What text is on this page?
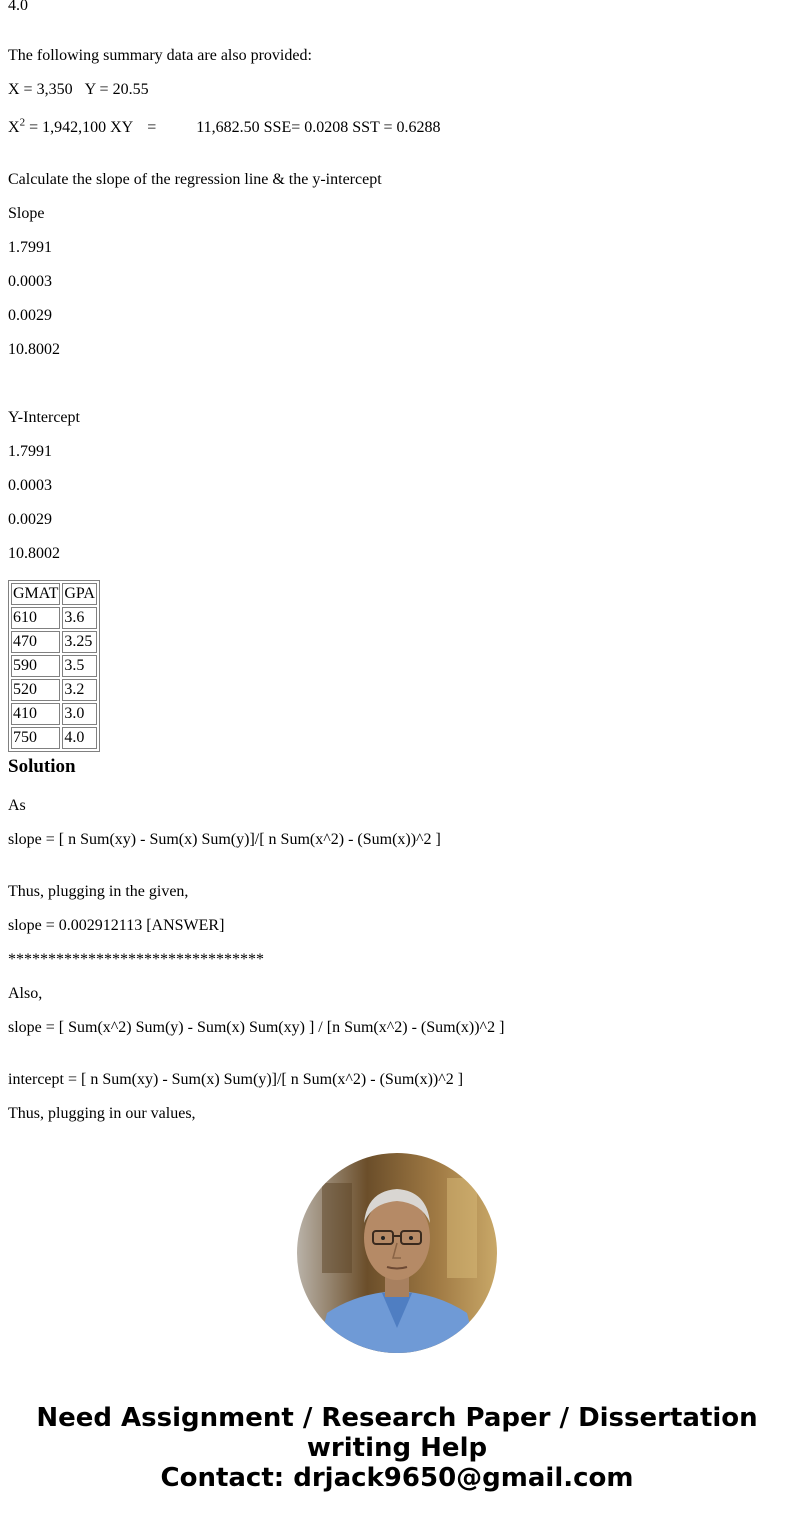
4.0

The following summary data are also provided:

X = 3,350 Y = 20.55

$X^2 = 1,942,100$ XY =	11,682.50 SSE= 0.0208 SST = 0.6288

Calculate the slope of the regression line & the y-intercept

Slope

1.7991

0.0003

0.0029

10.8002

Y-Intercept

1.7991

0.0003

0.0029

10.8002

GMAT	GPA
610	3.6
470	3.25
590	3.5
520	3.2
410	3.0
750	4.0
Solution

As

slope = [ n Sum(xy) - Sum(x) Sum(y)]/[ n Sum(x^2) - (Sum(x))^2 ]

Thus, plugging in the given,

slope = 0.002912113 [ANSWER]

********************************

Also,

slope = [ Sum(x^2) Sum(y) - Sum(x) Sum(xy) ] / [n Sum(x^2) - (Sum(x))^2 ]

intercept = [ n Sum(xy) - Sum(x) Sum(y)]/[ n Sum(x^2) - (Sum(x))^2 ]

Thus, plugging in our values,

Need Assignment / Research Paper / Dissertation
writing Help
Contact: drjack9650@gmail.com
